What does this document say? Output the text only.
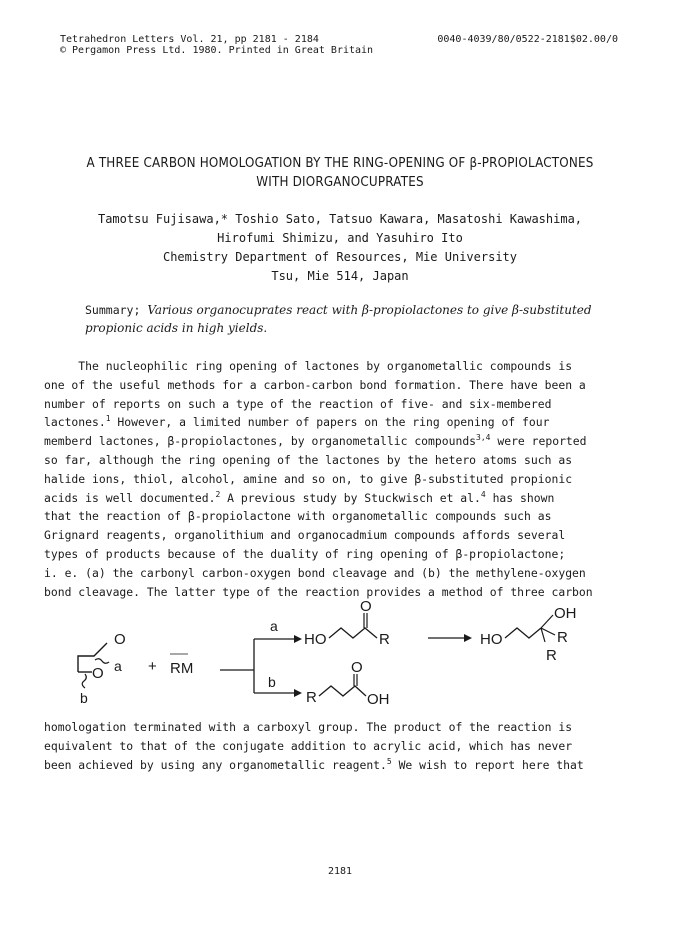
Tetrahedron Letters Vol. 21, pp 2181 - 2184
© Pergamon Press Ltd. 1980. Printed in Great Britain
0040-4039/80/0522-2181$02.00/0
A THREE CARBON HOMOLOGATION BY THE RING-OPENING OF β-PROPIOLACTONES
WITH DIORGANOCUPRATES
Tamotsu Fujisawa,* Toshio Sato, Tatsuo Kawara, Masatoshi Kawashima,
Hirofumi Shimizu, and Yasuhiro Ito
Chemistry Department of Resources, Mie University
Tsu, Mie 514, Japan
Summary; Various organocuprates react with β-propiolactones to give β-substituted
propionic acids in high yields.
The nucleophilic ring opening of lactones by organometallic compounds is
one of the useful methods for a carbon-carbon bond formation. There have been a
number of reports on such a type of the reaction of five- and six-membered
lactones.$^1$ However, a limited number of papers on the ring opening of four
memberd lactones, β-propiolactones, by organometallic compounds$^{3,4}$ were reported
so far, although the ring opening of the lactones by the hetero atoms such as
halide ions, thiol, alcohol, amine and so on, to give β-substituted propionic
acids is well documented.$^2$ A previous study by Stuckwisch et al.$^4$ has shown
that the reaction of β-propiolactone with organometallic compounds such as
Grignard reagents, organolithium and organocadmium compounds affords several
types of products because of the duality of ring opening of β-propiolactone;
i. e. (a) the carbonyl carbon-oxygen bond cleavage and (b) the methylene-oxygen
bond cleavage. The latter type of the reaction provides a method of three carbon
O
O
a
b
+ RM
a
b
HO
O
R	HO
OH
R
R
R
O
OH
homologation terminated with a carboxyl group. The product of the reaction is
equivalent to that of the conjugate addition to acrylic acid, which has never
been achieved by using any organometallic reagent.$^5$ We wish to report here that
2181
